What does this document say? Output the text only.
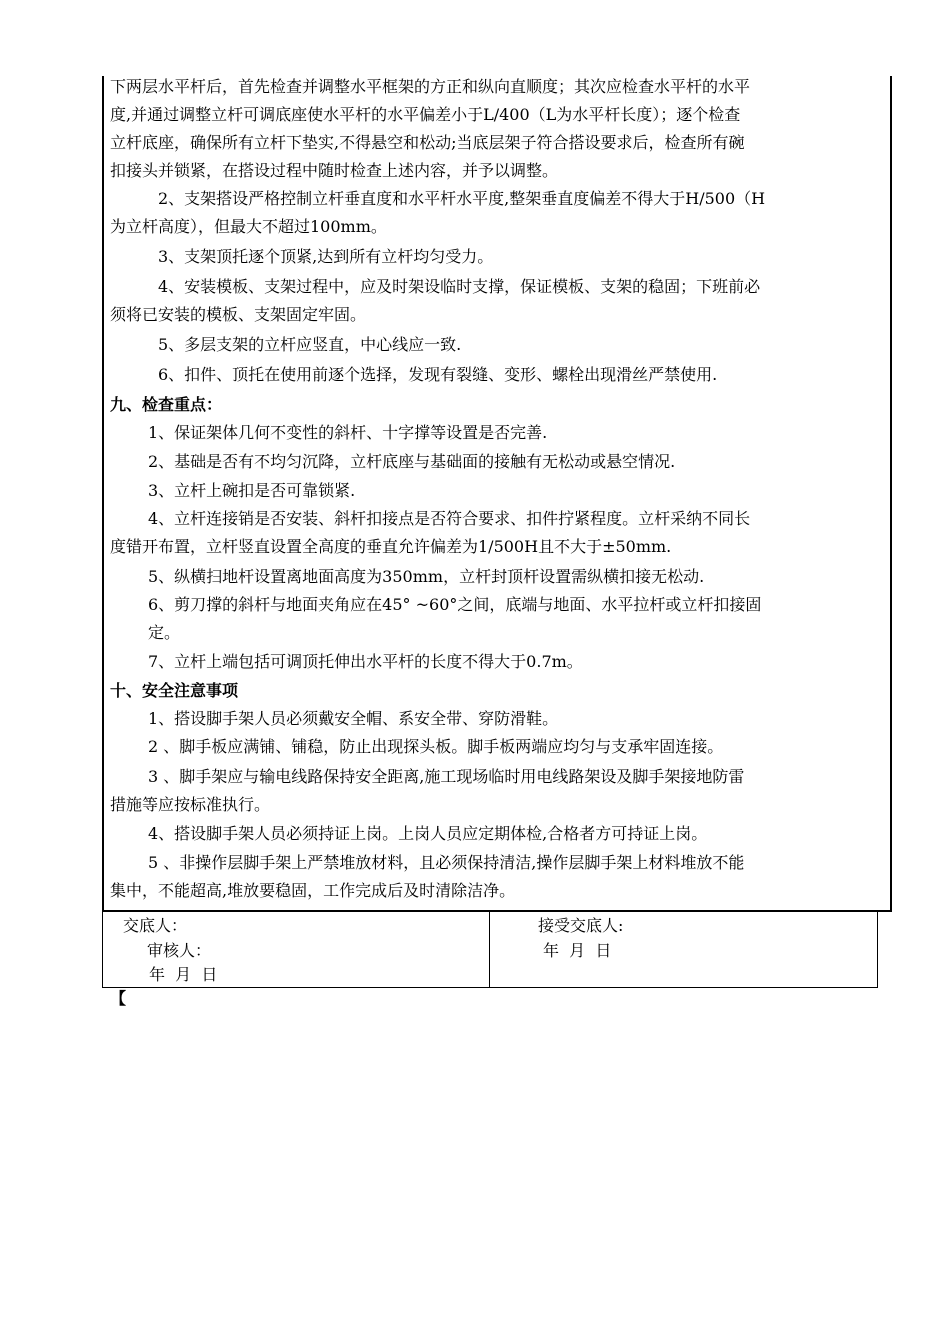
下两层水平杆后，首先检查并调整水平框架的方正和纵向直顺度；其次应检查水平杆的水平
度,并通过调整立杆可调底座使水平杆的水平偏差小于L/400（L为水平杆长度）；逐个检查
立杆底座，确保所有立杆下垫实,不得悬空和松动;当底层架子符合搭设要求后，检查所有碗
扣接头并锁紧，在搭设过程中随时检查上述内容，并予以调整。
2、支架搭设严格控制立杆垂直度和水平杆水平度,整架垂直度偏差不得大于H/500（H
为立杆高度），但最大不超过100mm。
3、支架顶托逐个顶紧,达到所有立杆均匀受力。
4、安装模板、支架过程中，应及时架设临时支撑，保证模板、支架的稳固；下班前必
须将已安装的模板、支架固定牢固。
5、多层支架的立杆应竖直，中心线应一致.
6、扣件、顶托在使用前逐个选择，发现有裂缝、变形、螺栓出现滑丝严禁使用.
九、检查重点：
1、保证架体几何不变性的斜杆、十字撑等设置是否完善.
2、基础是否有不均匀沉降，立杆底座与基础面的接触有无松动或悬空情况.
3、立杆上碗扣是否可靠锁紧.
4、立杆连接销是否安装、斜杆扣接点是否符合要求、扣件拧紧程度。立杆采纳不同长
度错开布置，立杆竖直设置全高度的垂直允许偏差为1/500H且不大于±50mm.
5、纵横扫地杆设置离地面高度为350mm，立杆封顶杆设置需纵横扣接无松动.
6、剪刀撑的斜杆与地面夹角应在45° ~60°之间，底端与地面、水平拉杆或立杆扣接固
定。
7、立杆上端包括可调顶托伸出水平杆的长度不得大于0.7m。
十、安全注意事项
1、搭设脚手架人员必须戴安全帽、系安全带、穿防滑鞋。
2 、脚手板应满铺、铺稳，防止出现探头板。脚手板两端应均匀与支承牢固连接。
3 、脚手架应与输电线路保持安全距离,施工现场临时用电线路架设及脚手架接地防雷
措施等应按标准执行。
4、搭设脚手架人员必须持证上岗。上岗人员应定期体检,合格者方可持证上岗。
5 、非操作层脚手架上严禁堆放材料，且必须保持清洁,操作层脚手架上材料堆放不能
集中，不能超高,堆放要稳固，工作完成后及时清除洁净。
交底人：
审核人：
年  月  日
接受交底人:
年  月  日
【
